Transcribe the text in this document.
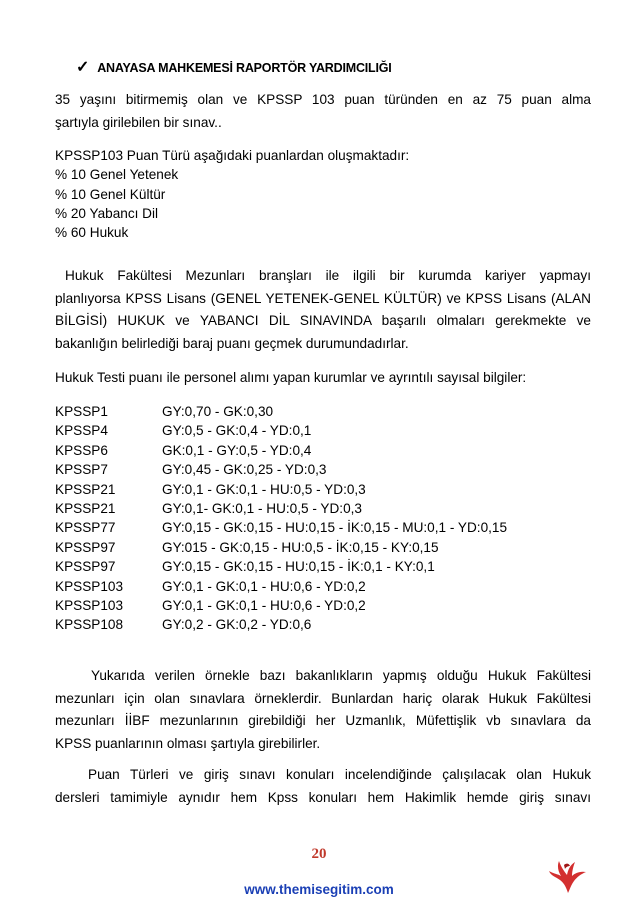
✓ ANAYASA MAHKEMESİ RAPORTÖR YARDIMCILIĞI
35 yaşını bitirmemiş olan ve KPSSP 103 puan türünden en az 75 puan alma
şartıyla girilebilen bir sınav..
KPSSP103 Puan Türü aşağıdaki puanlardan oluşmaktadır:
% 10 Genel Yetenek
% 10 Genel Kültür
% 20 Yabancı Dil
% 60 Hukuk
Hukuk Fakültesi Mezunları branşları ile ilgili bir kurumda kariyer yapmayı
planlıyorsa KPSS Lisans (GENEL YETENEK-GENEL KÜLTÜR) ve KPSS Lisans (ALAN
BİLGİSİ) HUKUK ve YABANCI DİL SINAVINDA başarılı olmaları gerekmekte ve
bakanlığın belirlediği baraj puanı geçmek durumundadırlar.
Hukuk Testi puanı ile personel alımı yapan kurumlar ve ayrıntılı sayısal bilgiler:
KPSSP1	GY:0,70 - GK:0,30
KPSSP4	GY:0,5 - GK:0,4 - YD:0,1
KPSSP6	GK:0,1 - GY:0,5 - YD:0,4
KPSSP7	GY:0,45 - GK:0,25 - YD:0,3
KPSSP21	GY:0,1 - GK:0,1 - HU:0,5 - YD:0,3
KPSSP21	GY:0,1- GK:0,1 - HU:0,5 - YD:0,3
KPSSP77	GY:0,15 - GK:0,15 - HU:0,15 - İK:0,15 - MU:0,1 - YD:0,15
KPSSP97	GY:015 - GK:0,15 - HU:0,5 - İK:0,15 - KY:0,15
KPSSP97	GY:0,15 - GK:0,15 - HU:0,15 - İK:0,1 - KY:0,1
KPSSP103	GY:0,1 - GK:0,1 - HU:0,6 - YD:0,2
KPSSP103	GY:0,1 - GK:0,1 - HU:0,6 - YD:0,2
KPSSP108	GY:0,2 - GK:0,2 - YD:0,6
Yukarıda verilen örnekle bazı bakanlıkların yapmış olduğu Hukuk Fakültesi
mezunları için olan sınavlara örneklerdir. Bunlardan hariç olarak Hukuk Fakültesi
mezunları İİBF mezunlarının girebildiği her Uzmanlık, Müfettişlik vb sınavlara da
KPSS puanlarının olması şartıyla girebilirler.
Puan Türleri ve giriş sınavı konuları incelendiğinde çalışılacak olan Hukuk
dersleri tamimiyle aynıdır hem Kpss konuları hem Hakimlik hemde giriş sınavı
20
www.themisegitim.com
